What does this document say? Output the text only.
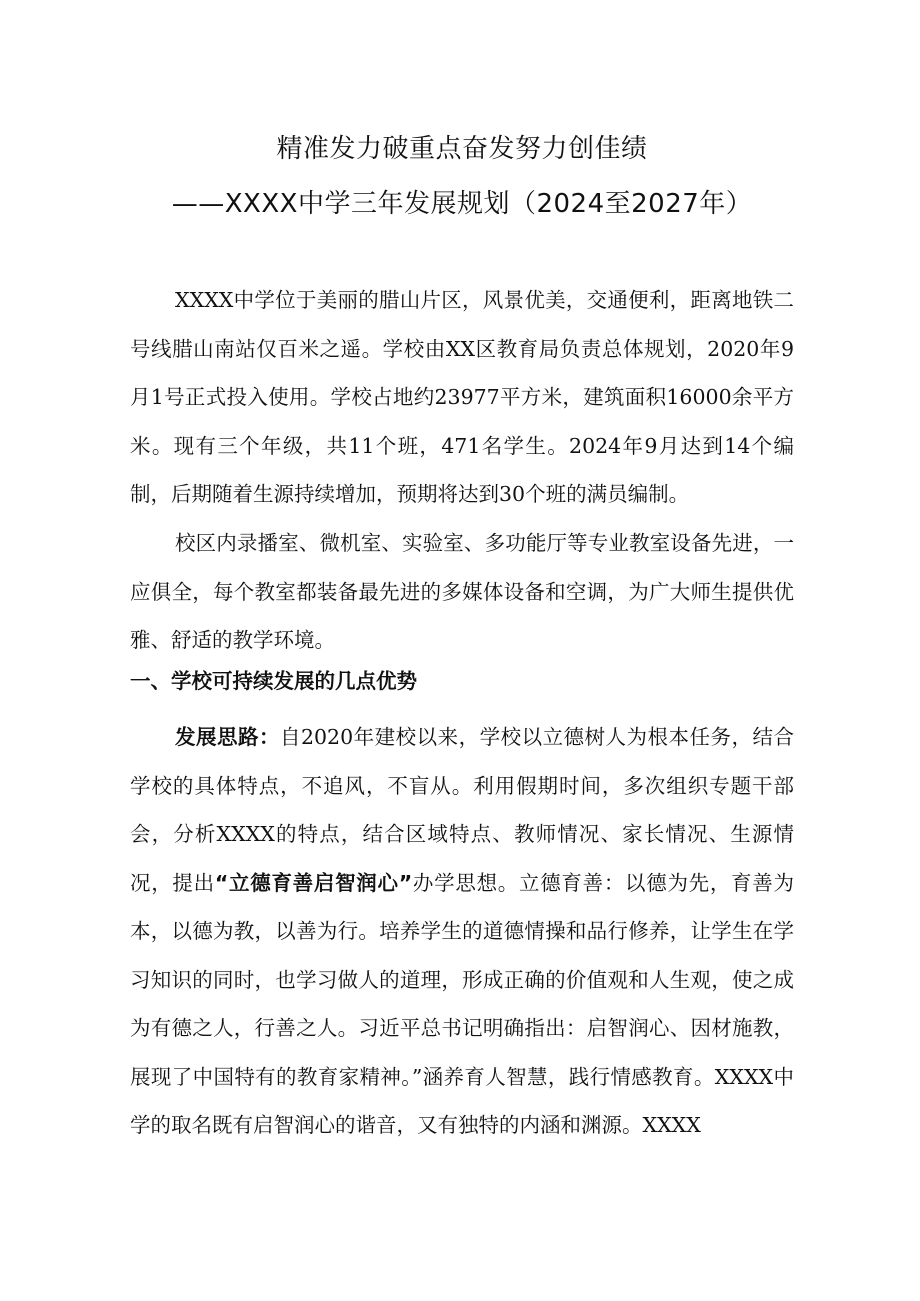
精准发力破重点奋发努力创佳绩
——XXXX中学三年发展规划（2024至2027年）

XXXX中学位于美丽的腊山片区，风景优美，交通便利，距离地铁二号线腊山南站仅百米之遥。学校由XX区教育局负责总体规划，2020年9月1号正式投入使用。学校占地约23977平方米，建筑面积16000余平方米。现有三个年级，共11个班，471名学生。2024年9月达到14个编制，后期随着生源持续增加，预期将达到30个班的满员编制。

校区内录播室、微机室、实验室、多功能厅等专业教室设备先进，一应俱全，每个教室都装备最先进的多媒体设备和空调，为广大师生提供优雅、舒适的教学环境。

一、学校可持续发展的几点优势

发展思路：自2020年建校以来，学校以立德树人为根本任务，结合学校的具体特点，不追风，不盲从。利用假期时间，多次组织专题干部会，分析XXXX的特点，结合区域特点、教师情况、家长情况、生源情况，提出“立德育善启智润心”办学思想。立德育善：以德为先，育善为本，以德为教，以善为行。培养学生的道德情操和品行修养，让学生在学习知识的同时，也学习做人的道理，形成正确的价值观和人生观，使之成为有德之人，行善之人。习近平总书记明确指出：启智润心、因材施教，展现了中国特有的教育家精神。”涵养育人智慧，践行情感教育。XXXX中学的取名既有启智润心的谐音，又有独特的内涵和渊源。XXXX
